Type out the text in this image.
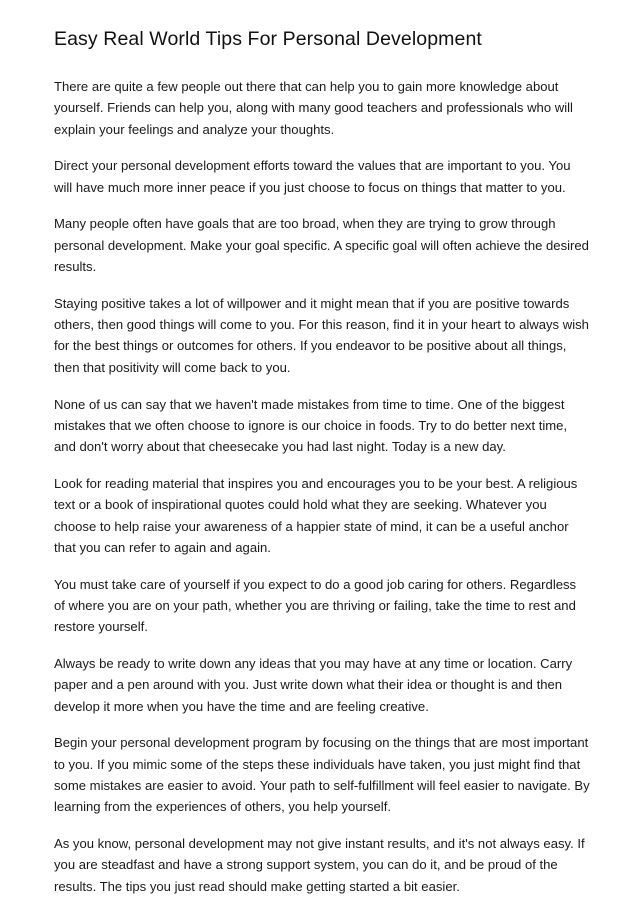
Easy Real World Tips For Personal Development

There are quite a few people out there that can help you to gain more knowledge about yourself. Friends can help you, along with many good teachers and professionals who will explain your feelings and analyze your thoughts.

Direct your personal development efforts toward the values that are important to you. You will have much more inner peace if you just choose to focus on things that matter to you.

Many people often have goals that are too broad, when they are trying to grow through personal development. Make your goal specific. A specific goal will often achieve the desired results.

Staying positive takes a lot of willpower and it might mean that if you are positive towards others, then good things will come to you. For this reason, find it in your heart to always wish for the best things or outcomes for others. If you endeavor to be positive about all things, then that positivity will come back to you.

None of us can say that we haven't made mistakes from time to time. One of the biggest mistakes that we often choose to ignore is our choice in foods. Try to do better next time, and don't worry about that cheesecake you had last night. Today is a new day.

Look for reading material that inspires you and encourages you to be your best. A religious text or a book of inspirational quotes could hold what they are seeking. Whatever you choose to help raise your awareness of a happier state of mind, it can be a useful anchor that you can refer to again and again.

You must take care of yourself if you expect to do a good job caring for others. Regardless of where you are on your path, whether you are thriving or failing, take the time to rest and restore yourself.

Always be ready to write down any ideas that you may have at any time or location. Carry paper and a pen around with you. Just write down what their idea or thought is and then develop it more when you have the time and are feeling creative.

Begin your personal development program by focusing on the things that are most important to you. If you mimic some of the steps these individuals have taken, you just might find that some mistakes are easier to avoid. Your path to self-fulfillment will feel easier to navigate. By learning from the experiences of others, you help yourself.

As you know, personal development may not give instant results, and it's not always easy. If you are steadfast and have a strong support system, you can do it, and be proud of the results. The tips you just read should make getting started a bit easier.
